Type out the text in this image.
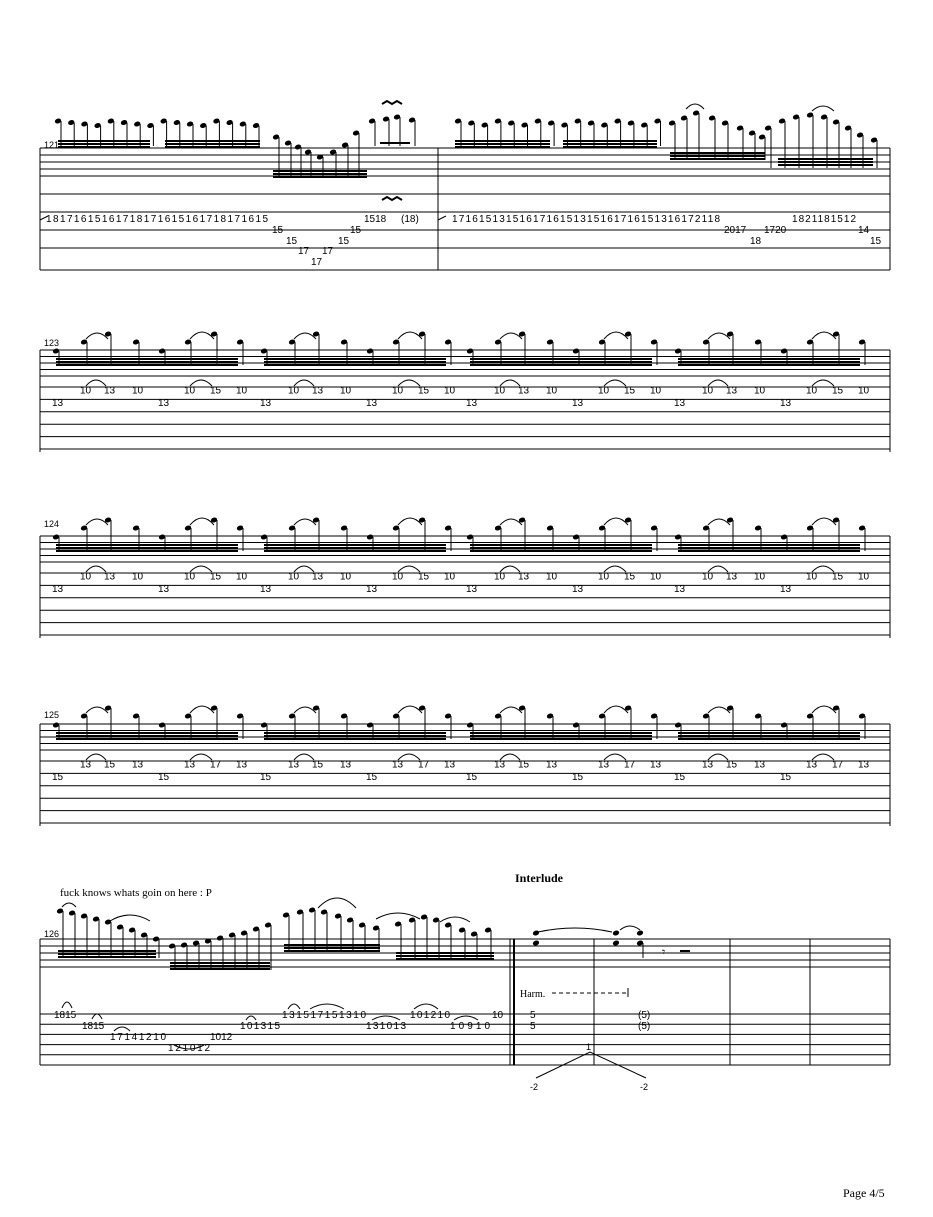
121
123
124
125
126
18171615161718171615161718171615
15
15
17 17
17
15
15
1518 (18)	1716151315161716151315161716151316172118
2017
18
1720
1821181512
14
15
13
10 13 10
13
10 15 10
13
10 13 10
13
10 15 10
13
10 13 10
13
10 15 10
13
10 13 10
13
10 15 10
13
10 13 10
13
10 15 10
13
10 13 10
13
10 15 10
13
10 13 10
13
10 15 10
13
10 13 10
13
10 15 10
15
13 15 13
15
13 17 13
15
13 15 13
15
13 17 13
15
13 15 13
15
13 17 13
15
13 15 13
15
13 17 13
Interlude
fuck knows whats goin on here : P
Harm.
𝄾
1815
1815
17141210
121012
1012
101315
131517151310
131013
101210
10910
10	5
5
(5)
(5)
1
-2	-2
Page 4/5
